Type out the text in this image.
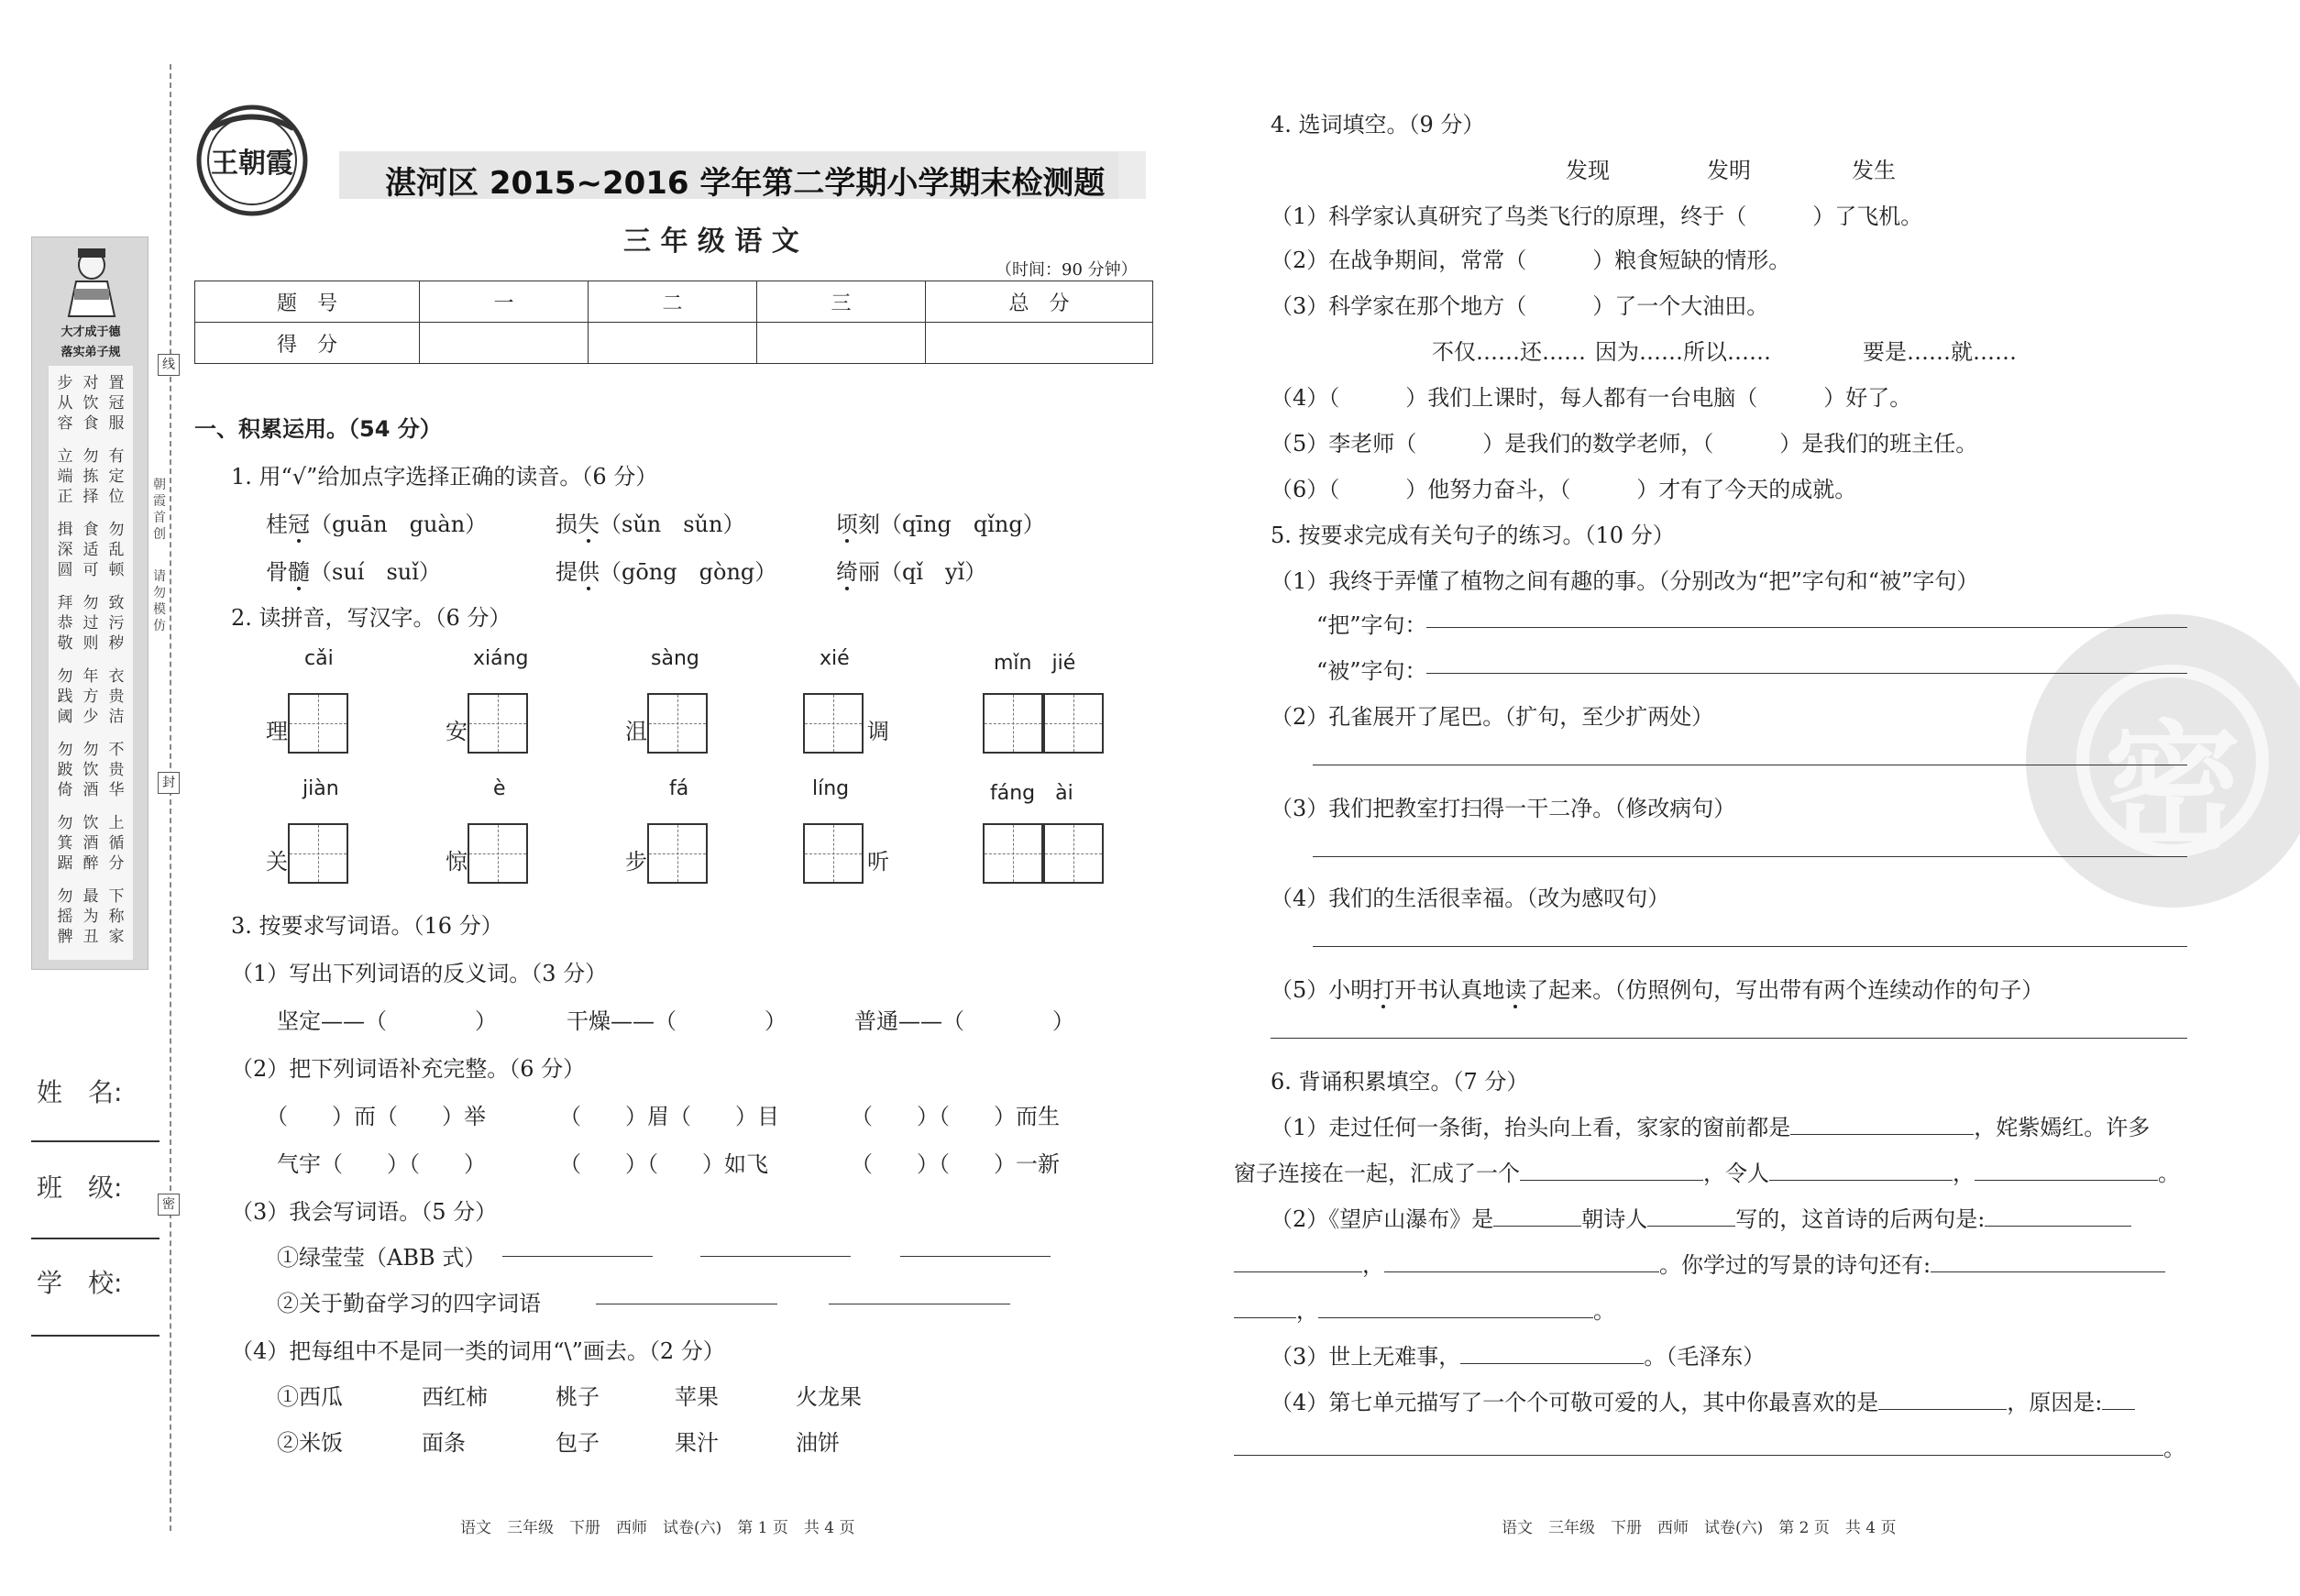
大才成于德
落实弟子规
步从容
对饮食
置冠服
立端正
勿拣择
有定位
揖深圆
食适可
勿乱顿
拜恭敬
勿过则
致污秽
勿践阈
年方少
衣贵洁
勿跛倚
勿饮酒
不贵华
勿箕踞
饮酒醉
上循分
勿摇髀
最为丑
下称家
姓　名:
班　级:
学　校:
线
封
密
朝霞首创
请勿模仿
王朝霞
湛河区 2015~2016 学年第二学期小学期末检测题
三 年 级 语 文
（时间：90 分钟）
题　号	一	二	三	总　分
得　分				
一、积累运用。（54 分）
1. 用“√”给加点字选择正确的读音。（6 分）
桂冠（guān　guàn）	损失（sǔn　sǔn）	顷刻（qīng　qǐng）
骨髓（suí　suǐ）	提供（gōng　gòng）	绮丽（qǐ　yǐ）
2. 读拼音，写汉字。（6 分）
cǎi
理
xiáng
安
sàng
沮
xié
调
mǐn　jié
jiàn
关
è
惊
fá
步
líng
听
fáng　ài
3. 按要求写词语。（16 分）
（1）写出下列词语的反义词。（3 分）
坚定——（　　　　）	干燥——（　　　　）	普通——（　　　　）
（2）把下列词语补充完整。（6 分）
（　　）而（　　）举	（　　）眉（　　）目	（　　）（　　）而生
气宇（　　）（　　）	（　　）（　　）如飞	（　　）（　　）一新
（3）我会写词语。（5 分）
①绿莹莹（ABB 式）
②关于勤奋学习的四字词语
（4）把每组中不是同一类的词用“\”画去。（2 分）
①西瓜	西红柿	桃子	苹果	火龙果
②米饭	面条	包子	果汁	油饼
语文　三年级　下册　西师　试卷(六)　第 1 页　共 4 页
密
4. 选词填空。（9 分）
发现	发明	发生
（1）科学家认真研究了鸟类飞行的原理，终于（　　　）了飞机。
（2）在战争期间，常常（　　　）粮食短缺的情形。
（3）科学家在那个地方（　　　）了一个大油田。
不仅……还…… 因为……所以……	要是……就……
（4）（　　　）我们上课时，每人都有一台电脑（　　　）好了。
（5）李老师（　　　）是我们的数学老师，（　　　）是我们的班主任。
（6）（　　　）他努力奋斗，（　　　）才有了今天的成就。
5. 按要求完成有关句子的练习。（10 分）
（1）我终于弄懂了植物之间有趣的事。（分别改为“把”字句和“被”字句）
“把”字句：
“被”字句：
（2）孔雀展开了尾巴。（扩句，至少扩两处）
（3）我们把教室打扫得一干二净。（修改病句）
（4）我们的生活很幸福。（改为感叹句）
（5）小明打开书认真地读了起来。（仿照例句，写出带有两个连续动作的句子）
6. 背诵积累填空。（7 分）
（1）走过任何一条街，抬头向上看，家家的窗前都是	，姹紫嫣红。许多
窗子连接在一起，汇成了一个	，令人	，	。
（2）《望庐山瀑布》是	朝诗人	写的，这首诗的后两句是:
，	。你学过的写景的诗句还有:
，	。
（3）世上无难事，	。（毛泽东）
（4）第七单元描写了一个个可敬可爱的人，其中你最喜欢的是	，原因是:
。
语文　三年级　下册　西师　试卷(六)　第 2 页　共 4 页
